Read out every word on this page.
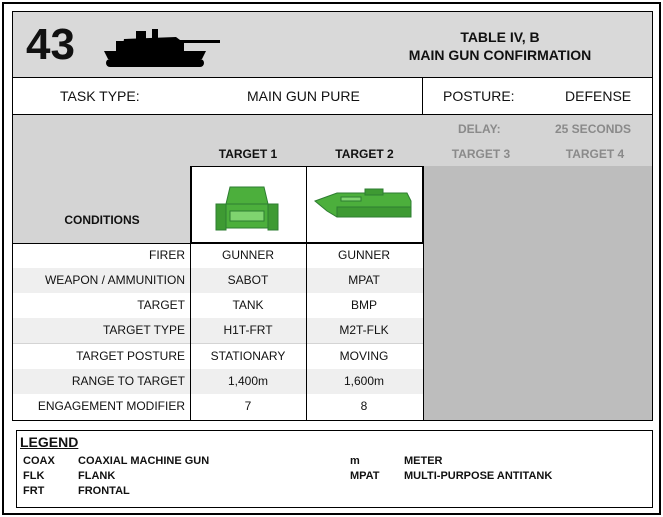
43	TABLE IV, B
MAIN GUN CONFIRMATION
TASK TYPE:	MAIN GUN PURE	POSTURE:	DEFENSE
DELAY:	25 SECONDS
TARGET 1	TARGET 2	TARGET 3	TARGET 4
CONDITIONS
FIRER	GUNNER	GUNNER
WEAPON / AMMUNITION	SABOT	MPAT
TARGET	TANK	BMP
TARGET TYPE	H1T-FRT	M2T-FLK
TARGET POSTURE	STATIONARY	MOVING
RANGE TO TARGET	1,400m	1,600m
ENGAGEMENT MODIFIER	7	8
LEGEND
COAX COAXIAL MACHINE GUN
FLK	FLANK
FRT	FRONTAL
m	METER
MPAT MULTI-PURPOSE ANTITANK
